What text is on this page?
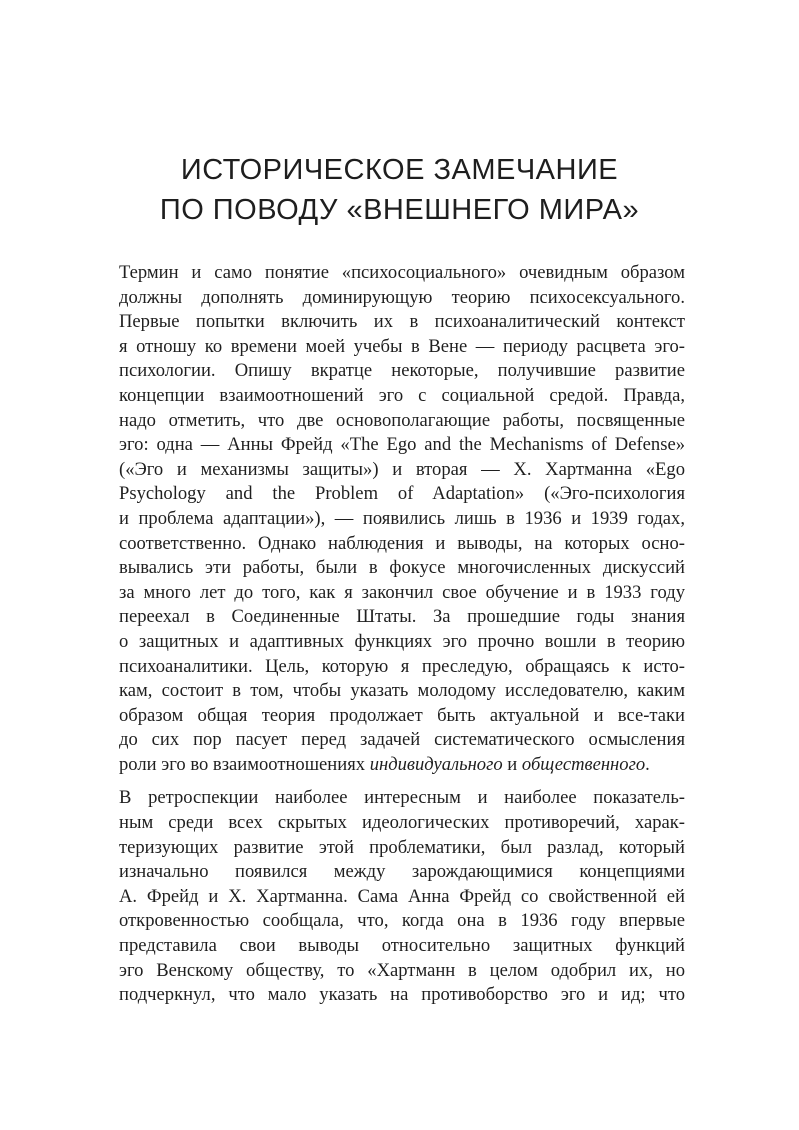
ИСТОРИЧЕСКОЕ ЗАМЕЧАНИЕ
ПО ПОВОДУ «ВНЕШНЕГО МИРА»
Термин и само понятие «психосоциального» очевидным образом
должны дополнять доминирующую теорию психосексуального.
Первые попытки включить их в психоаналитический контекст
я отношу ко времени моей учебы в Вене — периоду расцвета эго-
психологии. Опишу вкратце некоторые, получившие развитие
концепции взаимоотношений эго с социальной средой. Правда,
надо отметить, что две основополагающие работы, посвященные
эго: одна — Анны Фрейд «The Ego and the Mechanisms of Defense»
(«Эго и механизмы защиты») и вторая — Х. Хартманна «Ego
Psychology and the Problem of Adaptation» («Эго-психология
и проблема адаптации»), — появились лишь в 1936 и 1939 годах,
соответственно. Однако наблюдения и выводы, на которых осно-
вывались эти работы, были в фокусе многочисленных дискуссий
за много лет до того, как я закончил свое обучение и в 1933 году
переехал в Соединенные Штаты. За прошедшие годы знания
о защитных и адаптивных функциях эго прочно вошли в теорию
психоаналитики. Цель, которую я преследую, обращаясь к исто-
кам, состоит в том, чтобы указать молодому исследователю, каким
образом общая теория продолжает быть актуальной и все-таки
до сих пор пасует перед задачей систематического осмысления
роли эго во взаимоотношениях индивидуального и общественного.
В ретроспекции наиболее интересным и наиболее показатель-
ным среди всех скрытых идеологических противоречий, харак-
теризующих развитие этой проблематики, был разлад, который
изначально появился между зарождающимися концепциями
А. Фрейд и Х. Хартманна. Сама Анна Фрейд со свойственной ей
откровенностью сообщала, что, когда она в 1936 году впервые
представила свои выводы относительно защитных функций
эго Венскому обществу, то «Хартманн в целом одобрил их, но
подчеркнул, что мало указать на противоборство эго и ид; что
